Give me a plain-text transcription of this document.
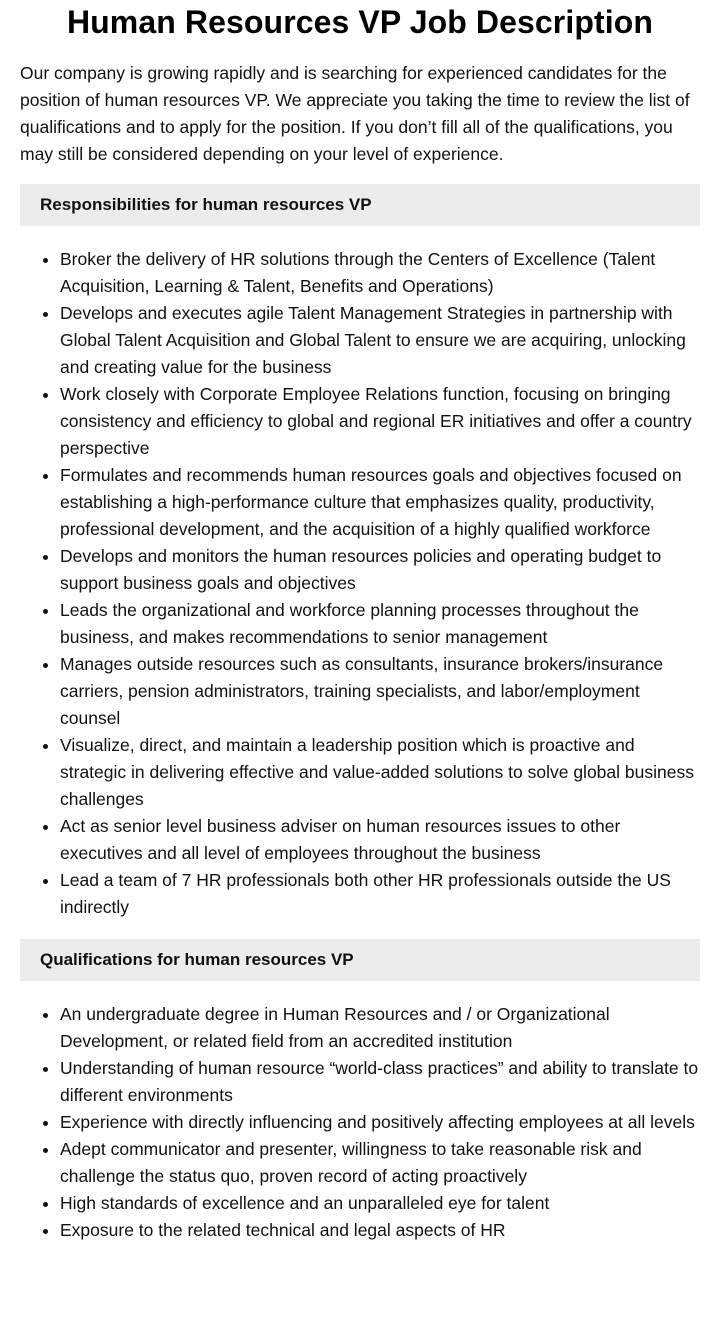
Human Resources VP Job Description

Our company is growing rapidly and is searching for experienced candidates for the position of human resources VP. We appreciate you taking the time to review the list of qualifications and to apply for the position. If you don’t fill all of the qualifications, you may still be considered depending on your level of experience.

Responsibilities for human resources VP
• Broker the delivery of HR solutions through the Centers of Excellence (Talent Acquisition, Learning & Talent, Benefits and Operations)
• Develops and executes agile Talent Management Strategies in partnership with Global Talent Acquisition and Global Talent to ensure we are acquiring, unlocking and creating value for the business
• Work closely with Corporate Employee Relations function, focusing on bringing consistency and efficiency to global and regional ER initiatives and offer a country perspective
• Formulates and recommends human resources goals and objectives focused on establishing a high-performance culture that emphasizes quality, productivity, professional development, and the acquisition of a highly qualified workforce
• Develops and monitors the human resources policies and operating budget to support business goals and objectives
• Leads the organizational and workforce planning processes throughout the business, and makes recommendations to senior management
• Manages outside resources such as consultants, insurance brokers/insurance carriers, pension administrators, training specialists, and labor/employment counsel
• Visualize, direct, and maintain a leadership position which is proactive and strategic in delivering effective and value-added solutions to solve global business challenges
• Act as senior level business adviser on human resources issues to other executives and all level of employees throughout the business
• Lead a team of 7 HR professionals both other HR professionals outside the US indirectly
Qualifications for human resources VP
• An undergraduate degree in Human Resources and / or Organizational Development, or related field from an accredited institution
• Understanding of human resource “world-class practices” and ability to translate to different environments
• Experience with directly influencing and positively affecting employees at all levels
• Adept communicator and presenter, willingness to take reasonable risk and challenge the status quo, proven record of acting proactively
• High standards of excellence and an unparalleled eye for talent
• Exposure to the related technical and legal aspects of HR
